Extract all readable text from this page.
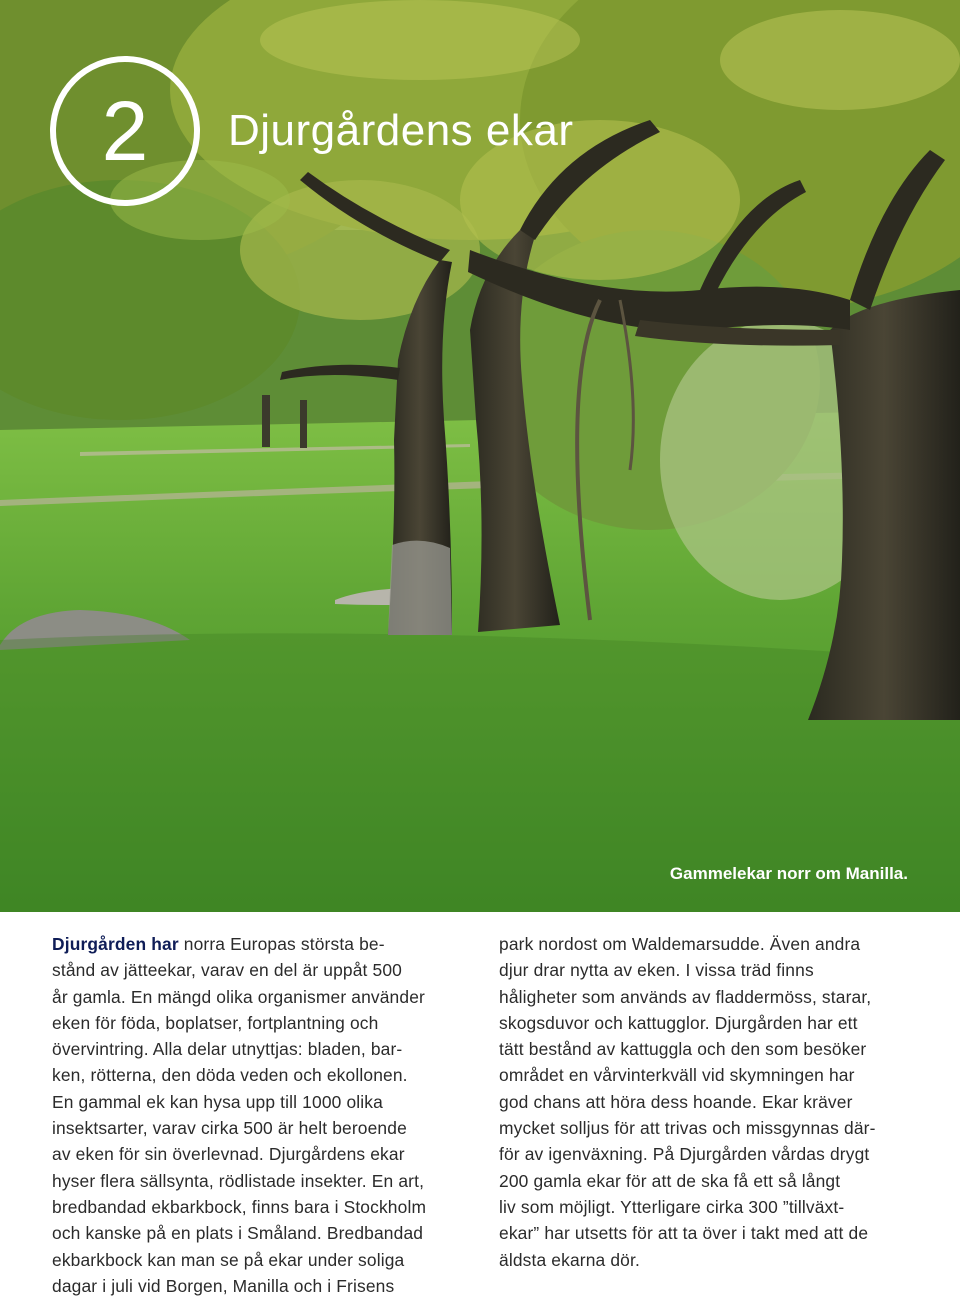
2	Djurgårdens ekar
Gammelekar norr om Manilla.
Djurgården har norra Europas största be-
stånd av jätteekar, varav en del är uppåt 500
år gamla. En mängd olika organismer använder
eken för föda, boplatser, fortplantning och
övervintring. Alla delar utnyttjas: bladen, bar-
ken, rötterna, den döda veden och ekollonen.
En gammal ek kan hysa upp till 1000 olika
insektsarter, varav cirka 500 är helt beroende
av eken för sin överlevnad. Djurgårdens ekar
hyser flera sällsynta, rödlistade insekter. En art,
bredbandad ekbarkbock, finns bara i Stockholm
och kanske på en plats i Småland. Bredbandad
ekbarkbock kan man se på ekar under soliga
dagar i juli vid Borgen, Manilla och i Frisens
park nordost om Waldemarsudde. Även andra
djur drar nytta av eken. I vissa träd finns
håligheter som används av fladdermöss, starar,
skogsduvor och kattugglor. Djurgården har ett
tätt bestånd av kattuggla och den som besöker
området en vårvinterkväll vid skymningen har
god chans att höra dess hoande. Ekar kräver
mycket solljus för att trivas och missgynnas där-
för av igenväxning. På Djurgården vårdas drygt
200 gamla ekar för att de ska få ett så långt
liv som möjligt. Ytterligare cirka 300 ”tillväxt-
ekar” har utsetts för att ta över i takt med att de
äldsta ekarna dör.
